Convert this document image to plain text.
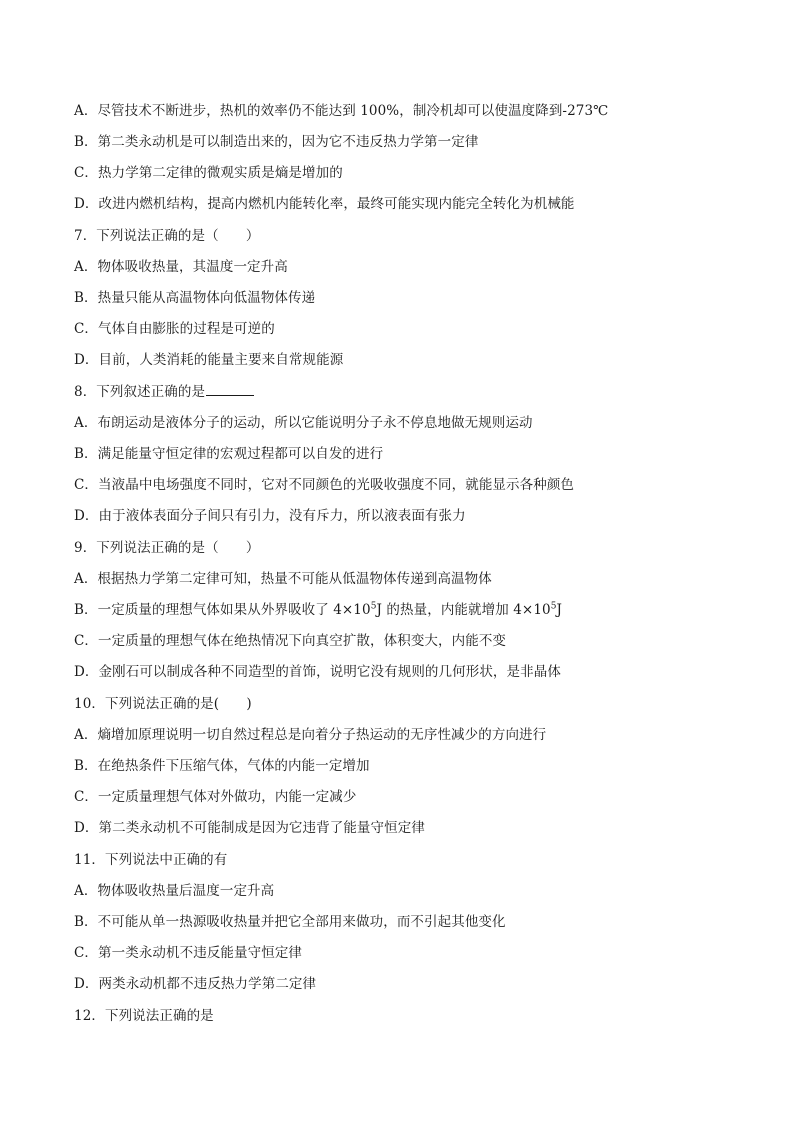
A．尽管技术不断进步，热机的效率仍不能达到 100%，制冷机却可以使温度降到-273℃
B．第二类永动机是可以制造出来的，因为它不违反热力学第一定律
C．热力学第二定律的微观实质是熵是增加的
D．改进内燃机结构，提高内燃机内能转化率，最终可能实现内能完全转化为机械能
7．下列说法正确的是（　　）
A．物体吸收热量，其温度一定升高
B．热量只能从高温物体向低温物体传递
C．气体自由膨胀的过程是可逆的
D．目前，人类消耗的能量主要来自常规能源
8．下列叙述正确的是
A．布朗运动是液体分子的运动，所以它能说明分子永不停息地做无规则运动
B．满足能量守恒定律的宏观过程都可以自发的进行
C．当液晶中电场强度不同时，它对不同颜色的光吸收强度不同，就能显示各种颜色
D．由于液体表面分子间只有引力，没有斥力，所以液表面有张力
9．下列说法正确的是（　　）
A．根据热力学第二定律可知，热量不可能从低温物体传递到高温物体
B．一定质量的理想气体如果从外界吸收了 $4\times 10^5J$ 的热量，内能就增加 $4\times 10^5J$
C．一定质量的理想气体在绝热情况下向真空扩散，体积变大，内能不变
D．金刚石可以制成各种不同造型的首饰，说明它没有规则的几何形状，是非晶体
10．下列说法正确的是(　　)
A．熵增加原理说明一切自然过程总是向着分子热运动的无序性减少的方向进行
B．在绝热条件下压缩气体，气体的内能一定增加
C．一定质量理想气体对外做功，内能一定减少
D．第二类永动机不可能制成是因为它违背了能量守恒定律
11．下列说法中正确的有
A．物体吸收热量后温度一定升高
B．不可能从单一热源吸收热量并把它全部用来做功，而不引起其他变化
C．第一类永动机不违反能量守恒定律
D．两类永动机都不违反热力学第二定律
12．下列说法正确的是
